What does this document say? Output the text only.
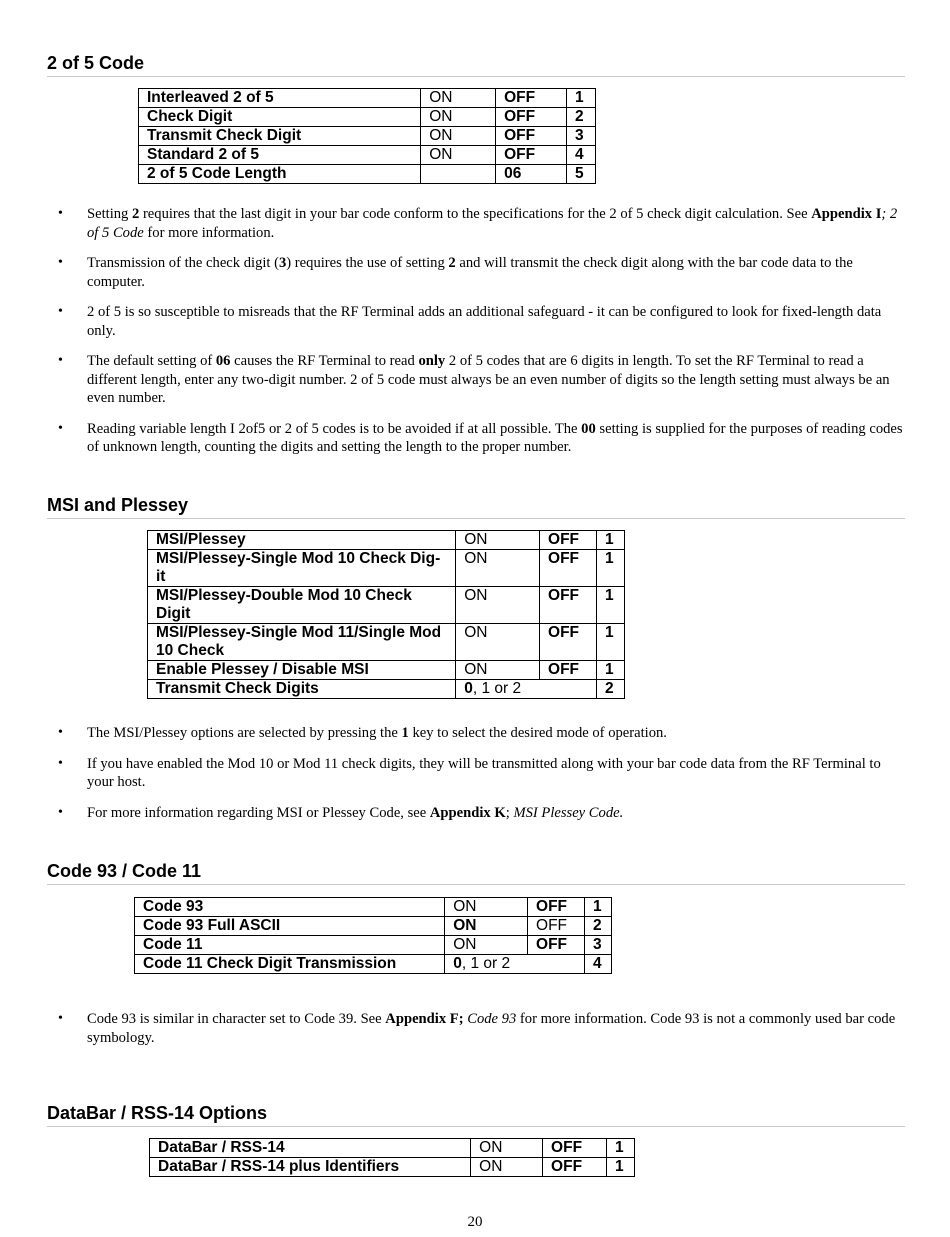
2 of 5 Code
Interleaved 2 of 5	ON	OFF	1
Check Digit	ON	OFF	2
Transmit Check Digit	ON	OFF	3
Standard 2 of 5	ON	OFF	4
2 of 5 Code Length		06	5
• Setting 2 requires that the last digit in your bar code conform to the specifications for the 2 of 5 check digit calculation. See Appendix I; 2 of 5 Code for more information.
• Transmission of the check digit (3) requires the use of setting 2 and will transmit the check digit along with the bar code data to the computer.
• 2 of 5 is so susceptible to misreads that the RF Terminal adds an additional safeguard - it can be configured to look for fixed-length data only.
• The default setting of 06 causes the RF Terminal to read only 2 of 5 codes that are 6 digits in length. To set the RF Terminal to read a different length, enter any two-digit number. 2 of 5 code must always be an even number of digits so the length setting must always be an even number.
• Reading variable length I 2of5 or 2 of 5 codes is to be avoided if at all possible. The 00 setting is supplied for the purposes of reading codes of unknown length, counting the digits and setting the length to the proper number.
MSI and Plessey
MSI/Plessey	ON	OFF	1
MSI/Plessey-Single Mod 10 Check Dig-it	ON	OFF	1
MSI/Plessey-Double Mod 10 Check Digit	ON	OFF	1
MSI/Plessey-Single Mod 11/Single Mod 10 Check	ON	OFF	1
Enable Plessey / Disable MSI	ON	OFF	1
Transmit Check Digits	0, 1 or 2		2
• The MSI/Plessey options are selected by pressing the 1 key to select the desired mode of operation.
• If you have enabled the Mod 10 or Mod 11 check digits, they will be transmitted along with your bar code data from the RF Terminal to your host.
• For more information regarding MSI or Plessey Code, see Appendix K; MSI Plessey Code.
Code 93 / Code 11
Code 93	ON	OFF	1
Code 93 Full ASCII	ON	OFF	2
Code 11	ON	OFF	3
Code 11 Check Digit Transmission	0, 1 or 2		4
• Code 93 is similar in character set to Code 39. See Appendix F; Code 93 for more information. Code 93 is not a commonly used bar code symbology.
DataBar / RSS-14 Options
DataBar / RSS-14	ON	OFF	1
DataBar / RSS-14 plus Identifiers	ON	OFF	1
20
